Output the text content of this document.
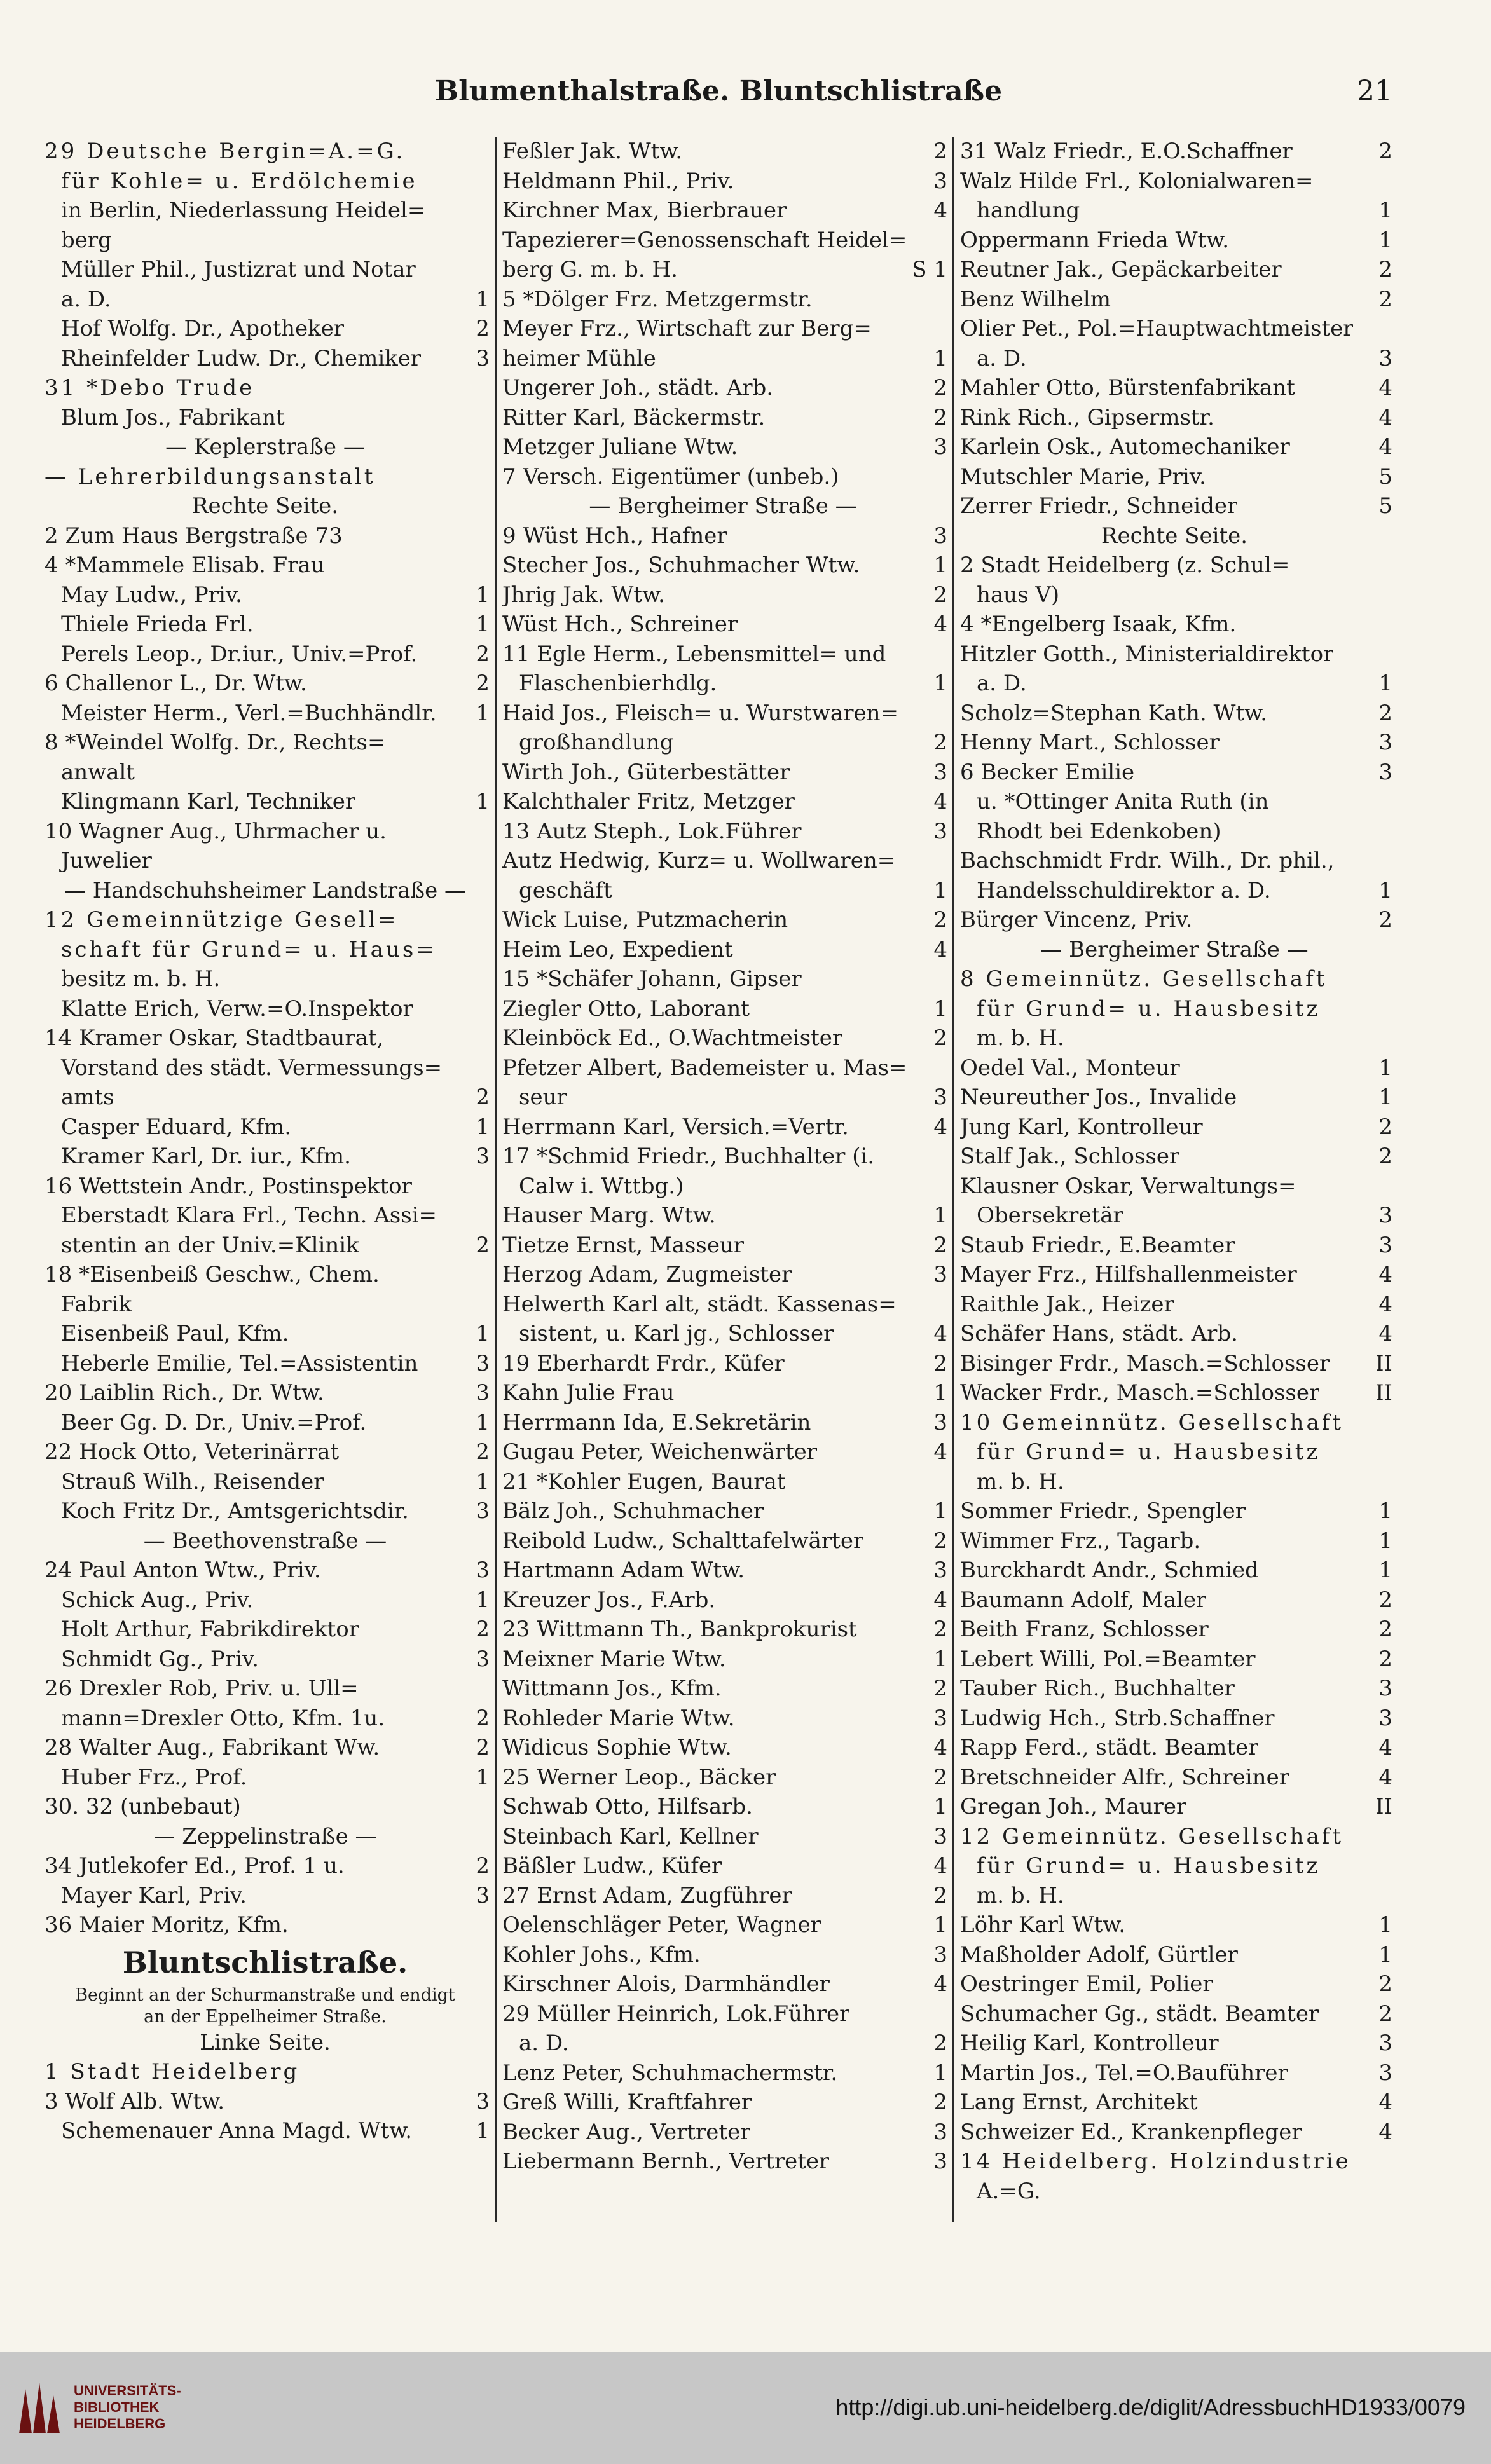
Blumenthalstraße. Bluntschlistraße	21
29 Deutsche Bergin=A.=G.
für Kohle= u. Erdölchemie
in Berlin, Niederlassung Heidel=
berg
Müller Phil., Justizrat und Notar
a. D.	1
Hof Wolfg. Dr., Apotheker	2
Rheinfelder Ludw. Dr., Chemiker	3
31 *Debo Trude
Blum Jos., Fabrikant
— Keplerstraße —
— Lehrerbildungsanstalt
Rechte Seite.
2 Zum Haus Bergstraße 73
4 *Mammele Elisab. Frau
May Ludw., Priv.	1
Thiele Frieda Frl.	1
Perels Leop., Dr.iur., Univ.=Prof.	2
6 Challenor L., Dr. Wtw.	2
Meister Herm., Verl.=Buchhändlr. 1
8 *Weindel Wolfg. Dr., Rechts=
anwalt
Klingmann Karl, Techniker	1
10 Wagner Aug., Uhrmacher u.
Juwelier
— Handschuhsheimer Landstraße —
12 Gemeinnützige Gesell=
schaft für Grund= u. Haus=
besitz m. b. H.
Klatte Erich, Verw.=O.Inspektor
14 Kramer Oskar, Stadtbaurat,
Vorstand des städt. Vermessungs=
amts	2
Casper Eduard, Kfm.	1
Kramer Karl, Dr. iur., Kfm.	3
16 Wettstein Andr., Postinspektor
Eberstadt Klara Frl., Techn. Assi=
stentin an der Univ.=Klinik	2
18 *Eisenbeiß Geschw., Chem.
Fabrik
Eisenbeiß Paul, Kfm.	1
Heberle Emilie, Tel.=Assistentin	3
20 Laiblin Rich., Dr. Wtw.	3
Beer Gg. D. Dr., Univ.=Prof.	1
22 Hock Otto, Veterinärrat	2
Strauß Wilh., Reisender	1
Koch Fritz Dr., Amtsgerichtsdir.	3
— Beethovenstraße —
24 Paul Anton Wtw., Priv.	3
Schick Aug., Priv.	1
Holt Arthur, Fabrikdirektor	2
Schmidt Gg., Priv.	3
26 Drexler Rob, Priv. u. Ull=
mann=Drexler Otto, Kfm. 1u.	2
28 Walter Aug., Fabrikant Ww.	2
Huber Frz., Prof.	1
30. 32 (unbebaut)
— Zeppelinstraße —
34 Jutlekofer Ed., Prof. 1 u.	2
Mayer Karl, Priv.	3
36 Maier Moritz, Kfm.
Bluntschlistraße.
Beginnt an der Schurmanstraße und endigt
an der Eppelheimer Straße.
Linke Seite.
1 Stadt Heidelberg
3 Wolf Alb. Wtw.	3
Schemenauer Anna Magd. Wtw.	1
Feßler Jak. Wtw.	2
Heldmann Phil., Priv.	3
Kirchner Max, Bierbrauer	4
Tapezierer=Genossenschaft Heidel=
berg G. m. b. H.	S 1
5 *Dölger Frz. Metzgermstr.
Meyer Frz., Wirtschaft zur Berg=
heimer Mühle	1
Ungerer Joh., städt. Arb.	2
Ritter Karl, Bäckermstr.	2
Metzger Juliane Wtw.	3
7 Versch. Eigentümer (unbeb.)
— Bergheimer Straße —
9 Wüst Hch., Hafner	3
Stecher Jos., Schuhmacher Wtw.	1
Jhrig Jak. Wtw.	2
Wüst Hch., Schreiner	4
11 Egle Herm., Lebensmittel= und
Flaschenbierhdlg.	1
Haid Jos., Fleisch= u. Wurstwaren=
großhandlung	2
Wirth Joh., Güterbestätter	3
Kalchthaler Fritz, Metzger	4
13 Autz Steph., Lok.Führer	3
Autz Hedwig, Kurz= u. Wollwaren=
geschäft	1
Wick Luise, Putzmacherin	2
Heim Leo, Expedient	4
15 *Schäfer Johann, Gipser
Ziegler Otto, Laborant	1
Kleinböck Ed., O.Wachtmeister	2
Pfetzer Albert, Bademeister u. Mas=
seur	3
Herrmann Karl, Versich.=Vertr.	4
17 *Schmid Friedr., Buchhalter (i.
Calw i. Wttbg.)
Hauser Marg. Wtw.	1
Tietze Ernst, Masseur	2
Herzog Adam, Zugmeister	3
Helwerth Karl alt, städt. Kassenas=
sistent, u. Karl jg., Schlosser	4
19 Eberhardt Frdr., Küfer	2
Kahn Julie Frau	1
Herrmann Ida, E.Sekretärin	3
Gugau Peter, Weichenwärter	4
21 *Kohler Eugen, Baurat
Bälz Joh., Schuhmacher	1
Reibold Ludw., Schalttafelwärter	2
Hartmann Adam Wtw.	3
Kreuzer Jos., F.Arb.	4
23 Wittmann Th., Bankprokurist	2
Meixner Marie Wtw.	1
Wittmann Jos., Kfm.	2
Rohleder Marie Wtw.	3
Widicus Sophie Wtw.	4
25 Werner Leop., Bäcker	2
Schwab Otto, Hilfsarb.	1
Steinbach Karl, Kellner	3
Bäßler Ludw., Küfer	4
27 Ernst Adam, Zugführer	2
Oelenschläger Peter, Wagner	1
Kohler Johs., Kfm.	3
Kirschner Alois, Darmhändler	4
29 Müller Heinrich, Lok.Führer
a. D.	2
Lenz Peter, Schuhmachermstr.	1
Greß Willi, Kraftfahrer	2
Becker Aug., Vertreter	3
Liebermann Bernh., Vertreter	3
31 Walz Friedr., E.O.Schaffner	2
Walz Hilde Frl., Kolonialwaren=
handlung	1
Oppermann Frieda Wtw.	1
Reutner Jak., Gepäckarbeiter	2
Benz Wilhelm	2
Olier Pet., Pol.=Hauptwachtmeister
a. D.	3
Mahler Otto, Bürstenfabrikant	4
Rink Rich., Gipsermstr.	4
Karlein Osk., Automechaniker	4
Mutschler Marie, Priv.	5
Zerrer Friedr., Schneider	5
Rechte Seite.
2 Stadt Heidelberg (z. Schul=
haus V)
4 *Engelberg Isaak, Kfm.
Hitzler Gotth., Ministerialdirektor
a. D.	1
Scholz=Stephan Kath. Wtw.	2
Henny Mart., Schlosser	3
6 Becker Emilie	3
u. *Ottinger Anita Ruth (in
Rhodt bei Edenkoben)
Bachschmidt Frdr. Wilh., Dr. phil.,
Handelsschuldirektor a. D.	1
Bürger Vincenz, Priv.	2
— Bergheimer Straße —
8 Gemeinnütz. Gesellschaft
für Grund= u. Hausbesitz
m. b. H.
Oedel Val., Monteur	1
Neureuther Jos., Invalide	1
Jung Karl, Kontrolleur	2
Stalf Jak., Schlosser	2
Klausner Oskar, Verwaltungs=
Obersekretär	3
Staub Friedr., E.Beamter	3
Mayer Frz., Hilfshallenmeister	4
Raithle Jak., Heizer	4
Schäfer Hans, städt. Arb.	4
Bisinger Frdr., Masch.=Schlosser II
Wacker Frdr., Masch.=Schlosser	II
10 Gemeinnütz. Gesellschaft
für Grund= u. Hausbesitz
m. b. H.
Sommer Friedr., Spengler	1
Wimmer Frz., Tagarb.	1
Burckhardt Andr., Schmied	1
Baumann Adolf, Maler	2
Beith Franz, Schlosser	2
Lebert Willi, Pol.=Beamter	2
Tauber Rich., Buchhalter	3
Ludwig Hch., Strb.Schaffner	3
Rapp Ferd., städt. Beamter	4
Bretschneider Alfr., Schreiner	4
Gregan Joh., Maurer	II
12 Gemeinnütz. Gesellschaft
für Grund= u. Hausbesitz
m. b. H.
Löhr Karl Wtw.	1
Maßholder Adolf, Gürtler	1
Oestringer Emil, Polier	2
Schumacher Gg., städt. Beamter	2
Heilig Karl, Kontrolleur	3
Martin Jos., Tel.=O.Bauführer	3
Lang Ernst, Architekt	4
Schweizer Ed., Krankenpfleger	4
14 Heidelberg. Holzindustrie
A.=G.
UNIVERSITÄTS-
BIBLIOTHEK
HEIDELBERG
http://digi.ub.uni-heidelberg.de/diglit/AdressbuchHD1933/0079
